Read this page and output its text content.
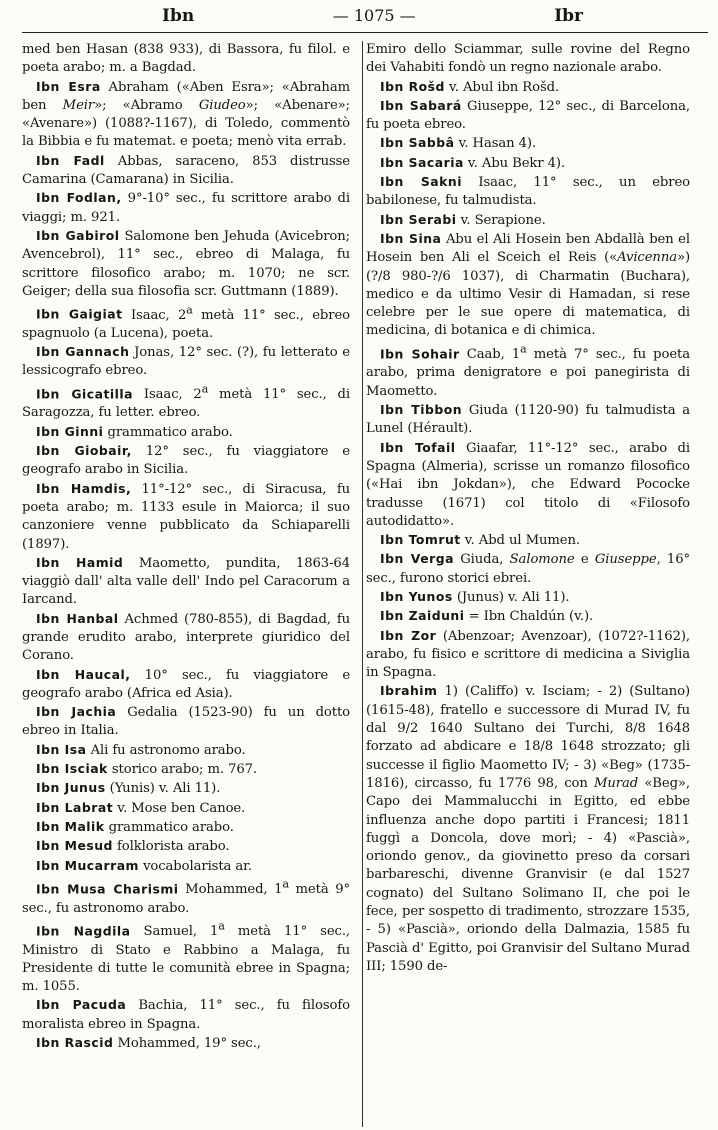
Ibn	— 1075 —	Ibr

med ben Hasan (838 933), di Bassora, fu filol. e poeta arabo; m. a Bagdad.

Ibn Esra Abraham («Aben Esra»; «Abraham ben Meir»; «Abramo Giudeo»; «Abenare»; «Avenare») (1088?-1167), di Toledo, commentò la Bibbia e fu matemat. e poeta; menò vita errab.

Ibn Fadl Abbas, saraceno, 853 distrusse Camarina (Camarana) in Sicilia.

Ibn Fodlan, 9°-10° sec., fu scrittore arabo di viaggi; m. 921.

Ibn Gabirol Salomone ben Jehuda (Avicebron; Avencebrol), 11° sec., ebreo di Malaga, fu scrittore filosofico arabo; m. 1070; ne scr. Geiger; della sua filosofia scr. Guttmann (1889).

Ibn Gaigiat Isaac, 2$^a$ metà 11° sec., ebreo spagnuolo (a Lucena), poeta.

Ibn Gannach Jonas, 12° sec. (?), fu letterato e lessicografo ebreo.

Ibn Gicatilla Isaac, 2$^a$ metà 11° sec., di Saragozza, fu letter. ebreo.

Ibn Ginni grammatico arabo.

Ibn Giobair, 12° sec., fu viaggiatore e geografo arabo in Sicilia.

Ibn Hamdis, 11°-12° sec., di Siracusa, fu poeta arabo; m. 1133 esule in Maiorca; il suo canzoniere venne pubblicato da Schiaparelli (1897).

Ibn Hamid Maometto, pundita, 1863-64 viaggiò dall' alta valle dell' Indo pel Caracorum a Iarcand.

Ibn Hanbal Achmed (780-855), di Bagdad, fu grande erudito arabo, interprete giuridico del Corano.

Ibn Haucal, 10° sec., fu viaggiatore e geografo arabo (Africa ed Asia).

Ibn Jachia Gedalia (1523-90) fu un dotto ebreo in Italia.

Ibn Isa Ali fu astronomo arabo.

Ibn Isciak storico arabo; m. 767.

Ibn Junus (Yunis) v. Ali 11).

Ibn Labrat v. Mose ben Canoe.

Ibn Malik grammatico arabo.

Ibn Mesud folklorista arabo.

Ibn Mucarram vocabolarista ar.

Ibn Musa Charismi Mohammed, 1$^a$ metà 9° sec., fu astronomo arabo.

Ibn Nagdila Samuel, 1$^a$ metà 11° sec., Ministro di Stato e Rabbino a Malaga, fu Presidente di tutte le comunità ebree in Spagna; m. 1055.

Ibn Pacuda Bachia, 11° sec., fu filosofo moralista ebreo in Spagna.

Ibn Rascid Mohammed, 19° sec.,

Emiro dello Sciammar, sulle rovine del Regno dei Vahabiti fondò un regno nazionale arabo.

Ibn Rošd v. Abul ibn Rošd.

Ibn Sabará Giuseppe, 12° sec., di Barcelona, fu poeta ebreo.

Ibn Sabbâ v. Hasan 4).

Ibn Sacaria v. Abu Bekr 4).

Ibn Sakni Isaac, 11° sec., un ebreo babilonese, fu talmudista.

Ibn Serabi v. Serapione.

Ibn Sina Abu el Ali Hosein ben Abdallà ben el Hosein ben Ali el Sceich el Reis («Avicenna») (?/8 980-?/6 1037), di Charmatin (Buchara), medico e da ultimo Vesir di Hamadan, si rese celebre per le sue opere di matematica, di medicina, di botanica e di chimica.

Ibn Sohair Caab, 1$^a$ metà 7° sec., fu poeta arabo, prima denigratore e poi panegirista di Maometto.

Ibn Tibbon Giuda (1120-90) fu talmudista a Lunel (Hérault).

Ibn Tofail Giaafar, 11°-12° sec., arabo di Spagna (Almeria), scrisse un romanzo filosofico («Hai ibn Jokdan»), che Edward Pococke tradusse (1671) col titolo di «Filosofo autodidatto».

Ibn Tomrut v. Abd ul Mumen.

Ibn Verga Giuda, Salomone e Giuseppe, 16° sec., furono storici ebrei.

Ibn Yunos (Junus) v. Ali 11).

Ibn Zaiduni = Ibn Chaldún (v.).

Ibn Zor (Abenzoar; Avenzoar), (1072?-1162), arabo, fu fisico e scrittore di medicina a Siviglia in Spagna.

Ibrahim 1) (Califfo) v. Isciam; - 2) (Sultano) (1615-48), fratello e successore di Murad IV, fu dal 9/2 1640 Sultano dei Turchi, 8/8 1648 forzato ad abdicare e 18/8 1648 strozzato; gli successe il figlio Maometto IV; - 3) «Beg» (1735-1816), circasso, fu 1776 98, con Murad «Beg», Capo dei Mammalucchi in Egitto, ed ebbe influenza anche dopo partiti i Francesi; 1811 fuggì a Doncola, dove morì; - 4) «Pascià», oriondo genov., da giovinetto preso da corsari barbareschi, divenne Granvisir (e dal 1527 cognato) del Sultano Solimano II, che poi le fece, per sospetto di tradimento, strozzare 1535, - 5) «Pascià», oriondo della Dalmazia, 1585 fu Pascià d' Egitto, poi Granvisir del Sultano Murad III; 1590 de-
